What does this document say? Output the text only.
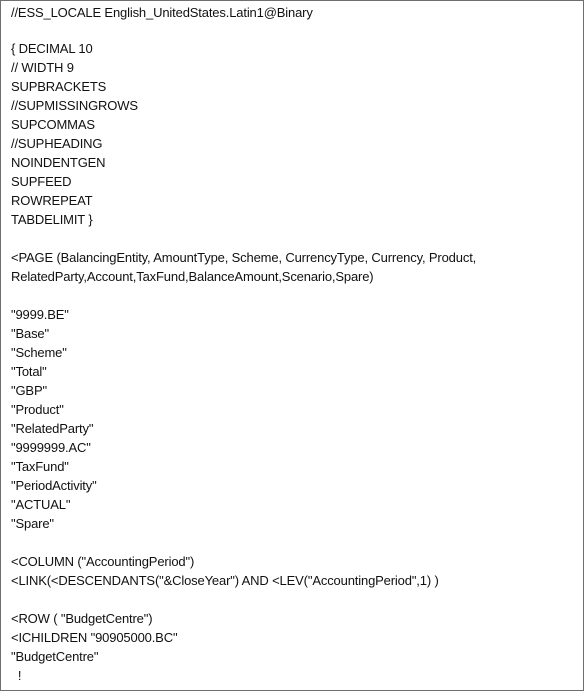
//ESS_LOCALE English_UnitedStates.Latin1@Binary
{ DECIMAL 10
// WIDTH 9
SUPBRACKETS
//SUPMISSINGROWS
SUPCOMMAS
//SUPHEADING
NOINDENTGEN
SUPFEED
ROWREPEAT
TABDELIMIT }
<PAGE (BalancingEntity, AmountType, Scheme, CurrencyType, Currency, Product,
RelatedParty,Account,TaxFund,BalanceAmount,Scenario,Spare)
"9999.BE"
"Base"
"Scheme"
"Total"
"GBP"
"Product"
"RelatedParty"
"9999999.AC"
"TaxFund"
"PeriodActivity"
"ACTUAL"
"Spare"
<COLUMN ("AccountingPeriod")
<LINK(<DESCENDANTS("&CloseYear") AND <LEV("AccountingPeriod",1) )
<ROW ( "BudgetCentre")
<ICHILDREN "90905000.BC"
"BudgetCentre"
!
